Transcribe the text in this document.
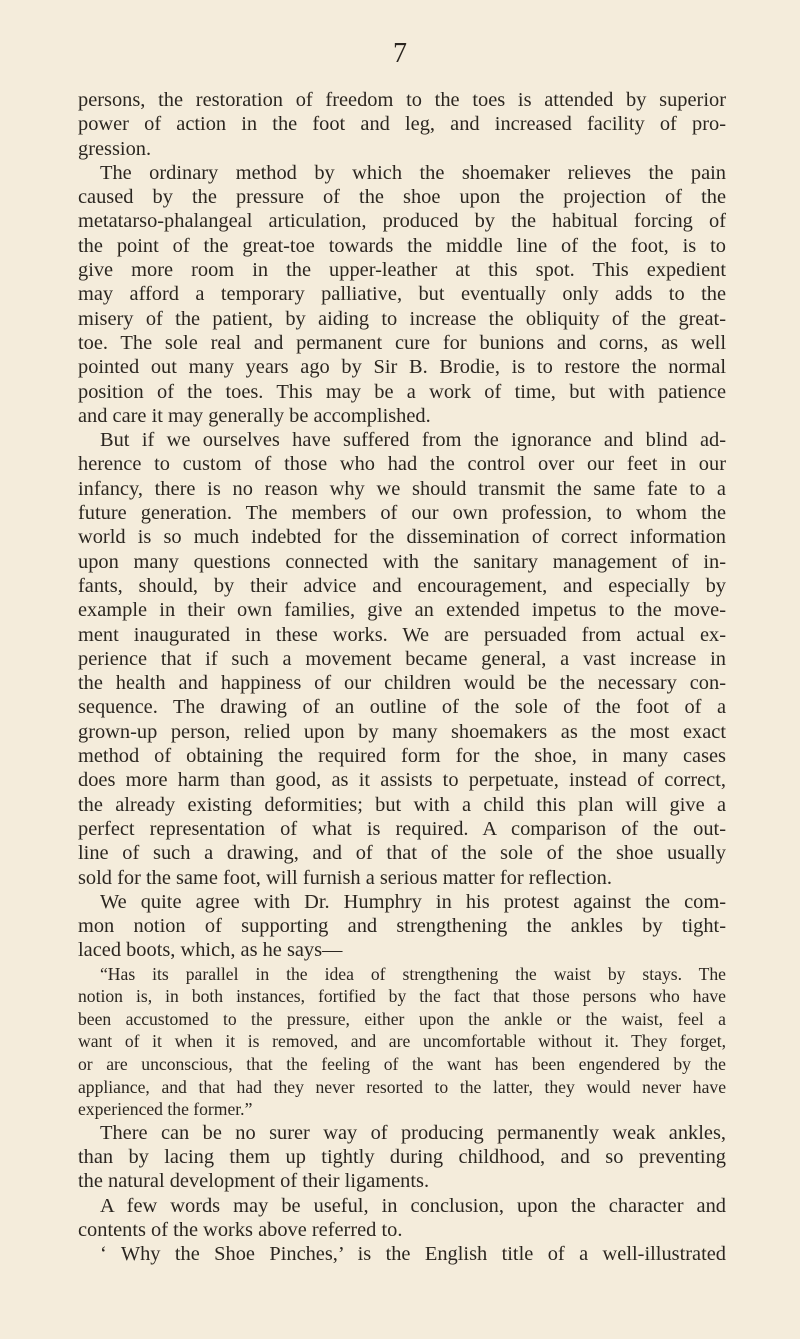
7
persons, the restoration of freedom to the toes is attended by superior
power of action in the foot and leg, and increased facility of pro-
gression.
The ordinary method by which the shoemaker relieves the pain
caused by the pressure of the shoe upon the projection of the
metatarso-phalangeal articulation, produced by the habitual forcing of
the point of the great-toe towards the middle line of the foot, is to
give more room in the upper-leather at this spot. This expedient
may afford a temporary palliative, but eventually only adds to the
misery of the patient, by aiding to increase the obliquity of the great-
toe. The sole real and permanent cure for bunions and corns, as well
pointed out many years ago by Sir B. Brodie, is to restore the normal
position of the toes. This may be a work of time, but with patience
and care it may generally be accomplished.
But if we ourselves have suffered from the ignorance and blind ad-
herence to custom of those who had the control over our feet in our
infancy, there is no reason why we should transmit the same fate to a
future generation. The members of our own profession, to whom the
world is so much indebted for the dissemination of correct information
upon many questions connected with the sanitary management of in-
fants, should, by their advice and encouragement, and especially by
example in their own families, give an extended impetus to the move-
ment inaugurated in these works. We are persuaded from actual ex-
perience that if such a movement became general, a vast increase in
the health and happiness of our children would be the necessary con-
sequence. The drawing of an outline of the sole of the foot of a
grown-up person, relied upon by many shoemakers as the most exact
method of obtaining the required form for the shoe, in many cases
does more harm than good, as it assists to perpetuate, instead of correct,
the already existing deformities; but with a child this plan will give a
perfect representation of what is required. A comparison of the out-
line of such a drawing, and of that of the sole of the shoe usually
sold for the same foot, will furnish a serious matter for reflection.
We quite agree with Dr. Humphry in his protest against the com-
mon notion of supporting and strengthening the ankles by tight-
laced boots, which, as he says—
“Has its parallel in the idea of strengthening the waist by stays. The
notion is, in both instances, fortified by the fact that those persons who have
been accustomed to the pressure, either upon the ankle or the waist, feel a
want of it when it is removed, and are uncomfortable without it. They forget,
or are unconscious, that the feeling of the want has been engendered by the
appliance, and that had they never resorted to the latter, they would never have
experienced the former.”
There can be no surer way of producing permanently weak ankles,
than by lacing them up tightly during childhood, and so preventing
the natural development of their ligaments.
A few words may be useful, in conclusion, upon the character and
contents of the works above referred to.
‘ Why the Shoe Pinches,’ is the English title of a well-illustrated
